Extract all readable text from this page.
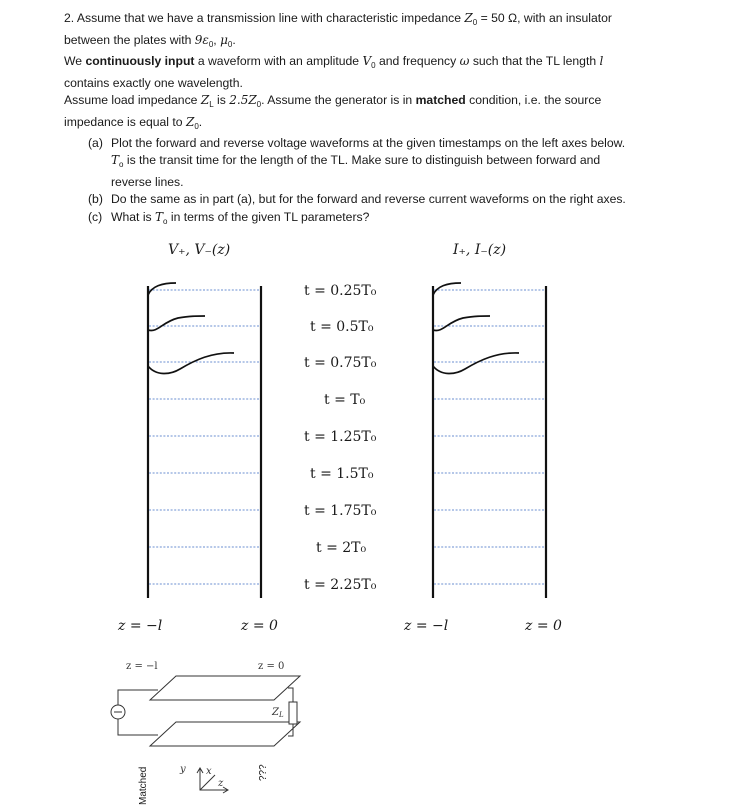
2. Assume that we have a transmission line with characteristic impedance $Z_0 = 50$ Ω, with an insulator
between the plates with $9\varepsilon_0$, $\mu_0$.
We continuously input a waveform with an amplitude $V_0$ and frequency ω such that the TL length l
contains exactly one wavelength.
Assume load impedance $Z_L$ is $2.5Z_0$. Assume the generator is in matched condition, i.e. the source
impedance is equal to $Z_0$.
(a) Plot the forward and reverse voltage waveforms at the given timestamps on the left axes below.
$T_o$ is the transit time for the length of the TL. Make sure to distinguish between forward and
reverse lines.
(b) Do the same as in part (a), but for the forward and reverse current waveforms on the right axes.
(c) What is $T_o$ in terms of the given TL parameters?
V₊, V₋(z)	I₊, I₋(z)
t = 0.25T₀
t = 0.5T₀
t = 0.75T₀
t = T₀
t = 1.25T₀
t = 1.5T₀
t = 1.75T₀
t = 2T₀
t = 2.25T₀
z = −l	z = 0	z = −l	z = 0
z = −l	z = 0
$Z_L$
Matched	???
y x
z
